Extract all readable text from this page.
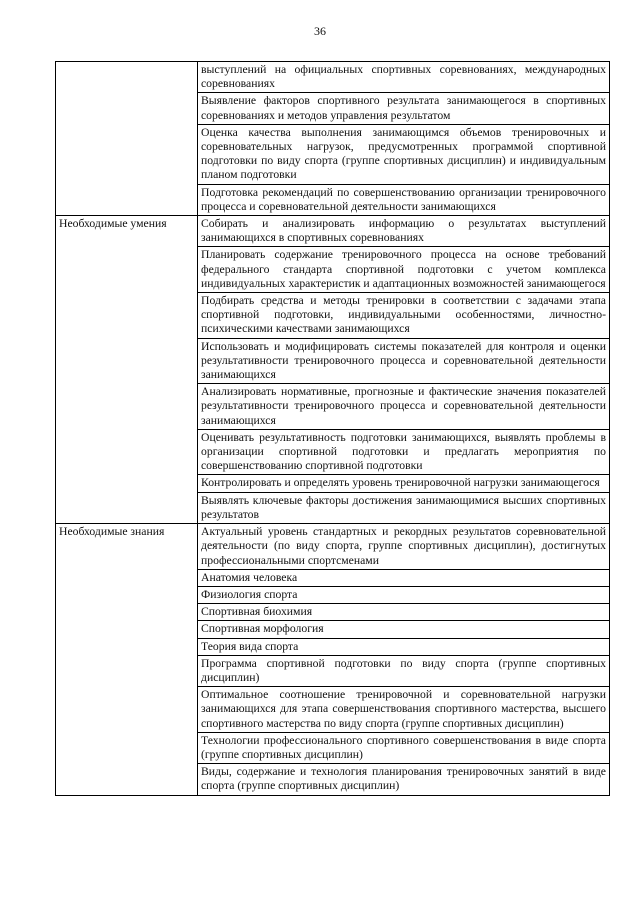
36
	выступлений на официальных спортивных соревнованиях, международных соревнованиях
	Выявление факторов спортивного результата занимающегося в спортивных соревнованиях и методов управления результатом
	Оценка качества выполнения занимающимся объемов тренировочных и соревновательных нагрузок, предусмотренных программой спортивной подготовки по виду спорта (группе спортивных дисциплин) и индивидуальным планом подготовки
	Подготовка рекомендаций по совершенствованию организации тренировочного процесса и соревновательной деятельности занимающихся
Необходимые умения	Собирать и анализировать информацию о результатах выступлений занимающихся в спортивных соревнованиях
	Планировать содержание тренировочного процесса на основе требований федерального стандарта спортивной подготовки с учетом комплекса индивидуальных характеристик и адаптационных возможностей занимающегося
	Подбирать средства и методы тренировки в соответствии с задачами этапа спортивной подготовки, индивидуальными особенностями, личностно-психическими качествами занимающихся
	Использовать и модифицировать системы показателей для контроля и оценки результативности тренировочного процесса и соревновательной деятельности занимающихся
	Анализировать нормативные, прогнозные и фактические значения показателей результативности тренировочного процесса и соревновательной деятельности занимающихся
	Оценивать результативность подготовки занимающихся, выявлять проблемы в организации спортивной подготовки и предлагать мероприятия по совершенствованию спортивной подготовки
	Контролировать и определять уровень тренировочной нагрузки занимающегося
	Выявлять ключевые факторы достижения занимающимися высших спортивных результатов
Необходимые знания	Актуальный уровень стандартных и рекордных результатов соревновательной деятельности (по виду спорта, группе спортивных дисциплин), достигнутых профессиональными спортсменами
	Анатомия человека
	Физиология спорта
	Спортивная биохимия
	Спортивная морфология
	Теория вида спорта
	Программа спортивной подготовки по виду спорта (группе спортивных дисциплин)
	Оптимальное соотношение тренировочной и соревновательной нагрузки занимающихся для этапа совершенствования спортивного мастерства, высшего спортивного мастерства по виду спорта (группе спортивных дисциплин)
	Технологии профессионального спортивного совершенствования в виде спорта (группе спортивных дисциплин)
	Виды, содержание и технология планирования тренировочных занятий в виде спорта (группе спортивных дисциплин)
